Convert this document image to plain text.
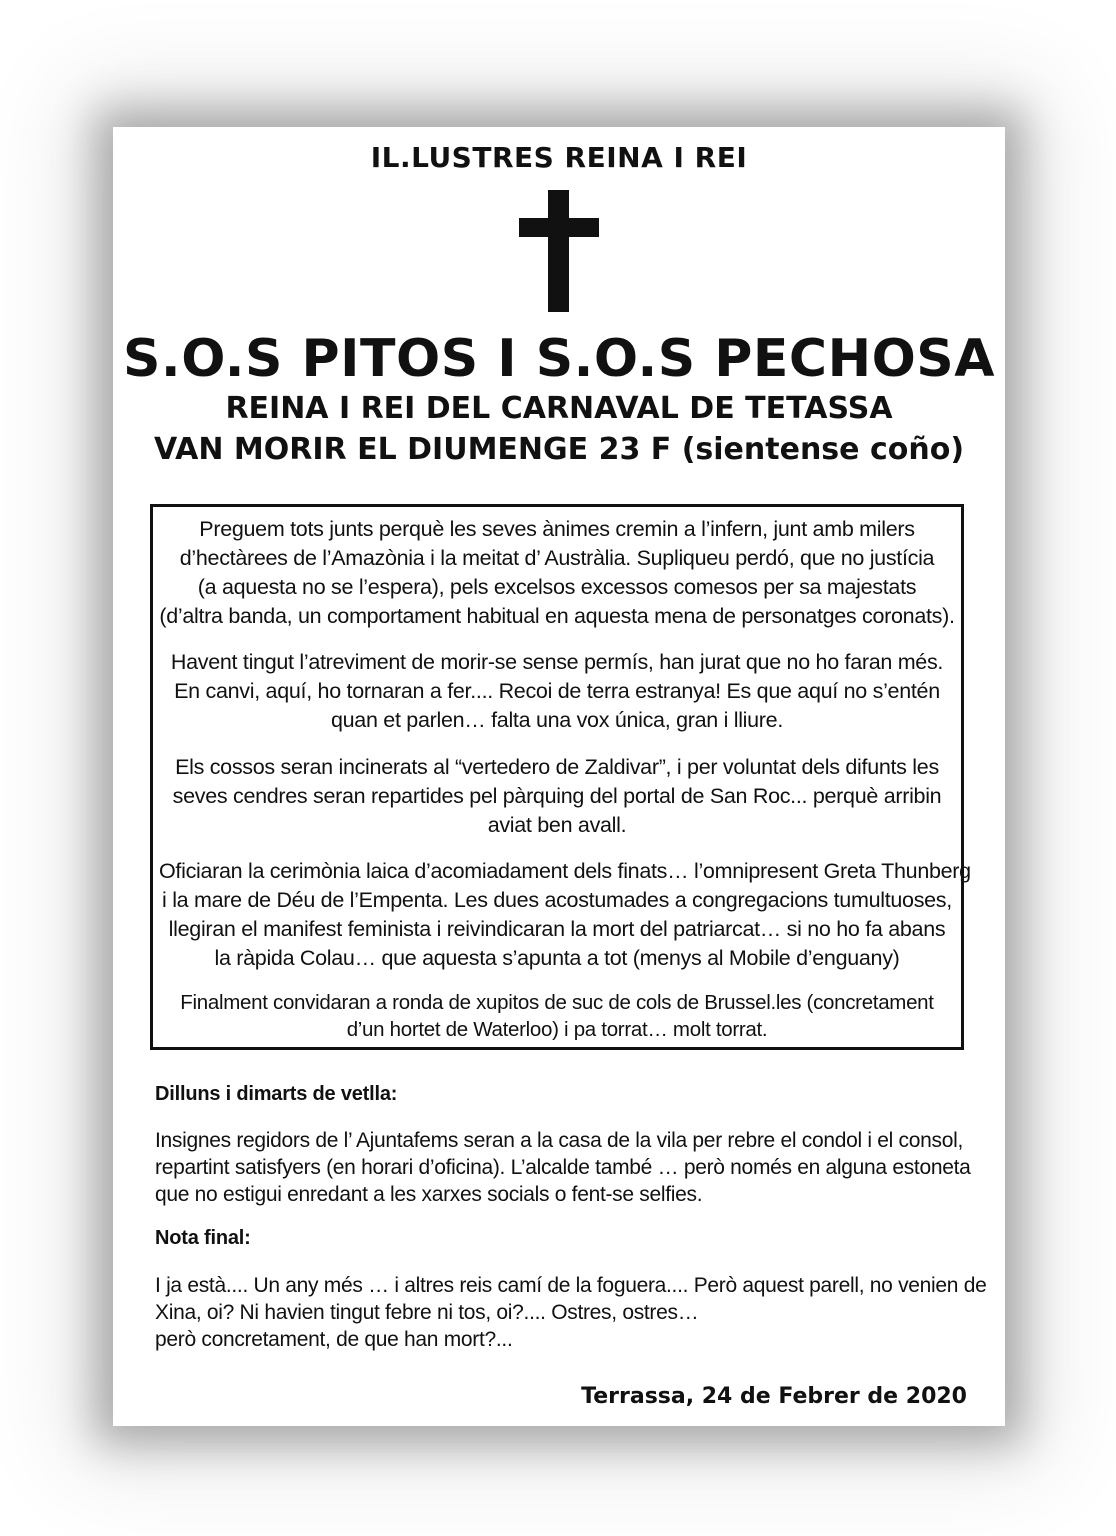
IL.LUSTRES REINA I REI
S.O.S PITOS I S.O.S PECHOSA
REINA I REI DEL CARNAVAL DE TETASSA
VAN MORIR EL DIUMENGE 23 F (sientense coño)
Preguem tots junts perquè les seves ànimes cremin a l’infern, junt amb milers
d’hectàrees de l’Amazònia i la meitat d’ Austràlia. Supliqueu perdó, que no justícia
(a aquesta no se l’espera), pels excelsos excessos comesos per sa majestats
(d’altra banda, un comportament habitual en aquesta mena de personatges coronats).
Havent tingut l’atreviment de morir-se sense permís, han jurat que no ho faran més.
En canvi, aquí, ho tornaran a fer.... Recoi de terra estranya! Es que aquí no s’entén
quan et parlen… falta una vox única, gran i lliure.
Els cossos seran incinerats al “vertedero de Zaldivar”, i per voluntat dels difunts les
seves cendres seran repartides pel pàrquing del portal de San Roc... perquè arribin
aviat ben avall.
Oficiaran la cerimònia laica d’acomiadament dels finats… l’omnipresent Greta Thunberg
i la mare de Déu de l’Empenta. Les dues acostumades a congregacions tumultuoses,
llegiran el manifest feminista i reivindicaran la mort del patriarcat… si no ho fa abans
la ràpida Colau… que aquesta s’apunta a tot (menys al Mobile d’enguany)
Finalment convidaran a ronda de xupitos de suc de cols de Brussel.les (concretament
d’un hortet de Waterloo) i pa torrat… molt torrat.
Dilluns i dimarts de vetlla:
Insignes regidors de l’ Ajuntafems seran a la casa de la vila per rebre el condol i el consol,
repartint satisfyers (en horari d’oficina). L’alcalde també … però només en alguna estoneta
que no estigui enredant a les xarxes socials o fent-se selfies.
Nota final:
I ja està.... Un any més … i altres reis camí de la foguera.... Però aquest parell, no venien de
Xina, oi? Ni havien tingut febre ni tos, oi?.... Ostres, ostres…
però concretament, de que han mort?...
Terrassa, 24 de Febrer de 2020
